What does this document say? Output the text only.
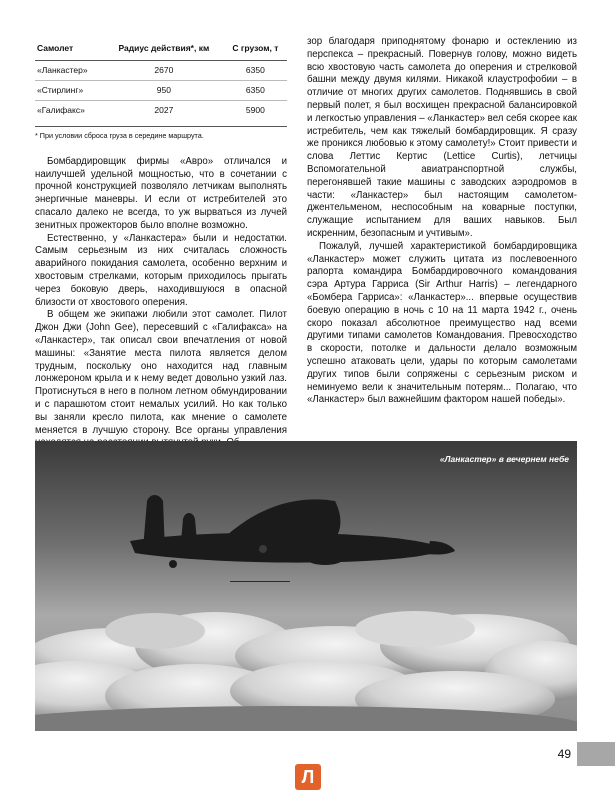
Самолет	Радиус действия*, км	С грузом, т
«Ланкастер»	2670	6350
«Стирлинг»	950	6350
«Галифакс»	2027	5900
* При условии сброса груза в середине маршрута.

Бомбардировщик фирмы «Авро» отличался и наилучшей удельной мощностью, что в сочетании с прочной конструкцией позволяло летчикам выполнять энергичные маневры. И если от истребителей это спасало далеко не всегда, то уж вырваться из лучей зенитных прожекторов было вполне возможно.

Естественно, у «Ланкастера» были и недостатки. Самым серьезным из них считалась сложность аварийного покидания самолета, особенно верхним и хвостовым стрелками, которым приходилось прыгать через боковую дверь, находившуюся в опасной близости от хвостового оперения.

В общем же экипажи любили этот самолет. Пилот Джон Джи (John Gee), пересевший с «Галифакса» на «Ланкастер», так описал свои впечатления от новой машины: «Занятие места пилота является делом трудным, поскольку оно находится над главным лонжероном крыла и к нему ведет довольно узкий лаз. Протиснуться в него в полном летном обмундировании и с парашютом стоит немалых усилий. Но как только вы заняли кресло пилота, как мнение о самолете меняется в лучшую сторону. Все органы управления

зор благодаря приподнятому фонарю и остеклению из перспекса – прекрасный. Повернув голову, можно видеть всю хвостовую часть самолета до оперения и стрелковой башни между двумя килями. Никакой клаустрофобии – в отличие от многих других самолетов. Поднявшись в свой первый полет, я был восхищен прекрасной балансировкой и легкостью управления – «Ланкастер» вел себя скорее как истребитель, чем как тяжелый бомбардировщик. Я сразу же проникся любовью к этому самолету!» Стоит привести и слова Леттис Кертис (Lettice Curtis), летчицы Вспомогательной авиатранспортной службы, перегонявшей такие машины с заводских аэродромов в части: «Ланкастер» был настоящим самолетом-джентельменом, неспособным на коварные поступки, служащие испытанием для ваших навыков. Был искренним, безопасным и учтивым».

Пожалуй, лучшей характеристикой бомбардировщика «Ланкастер» может служить цитата из послевоенного рапорта командира Бомбардировочного командования сэра Артура Гарриса (Sir Arthur Harris) – легендарного «Бомбера Гарриса»: «Ланкастер»... впервые осуществив боевую операцию в ночь с 10 на 11 марта 1942 г., очень скоро показал абсолютное преимущество над всеми другими типами самолетов Командования. Превосходство в скорости, потолке и дальности делало возможным успешно атаковать цели, удары по которым самолетами других типов были сопряжены с серьезным риском и неминуемо вели к значительным потерям... Полагаю, что «Ланкастер» был важнейшим фактором нашей победы».

«Ланкастер» в вечернем небе
49
Л
